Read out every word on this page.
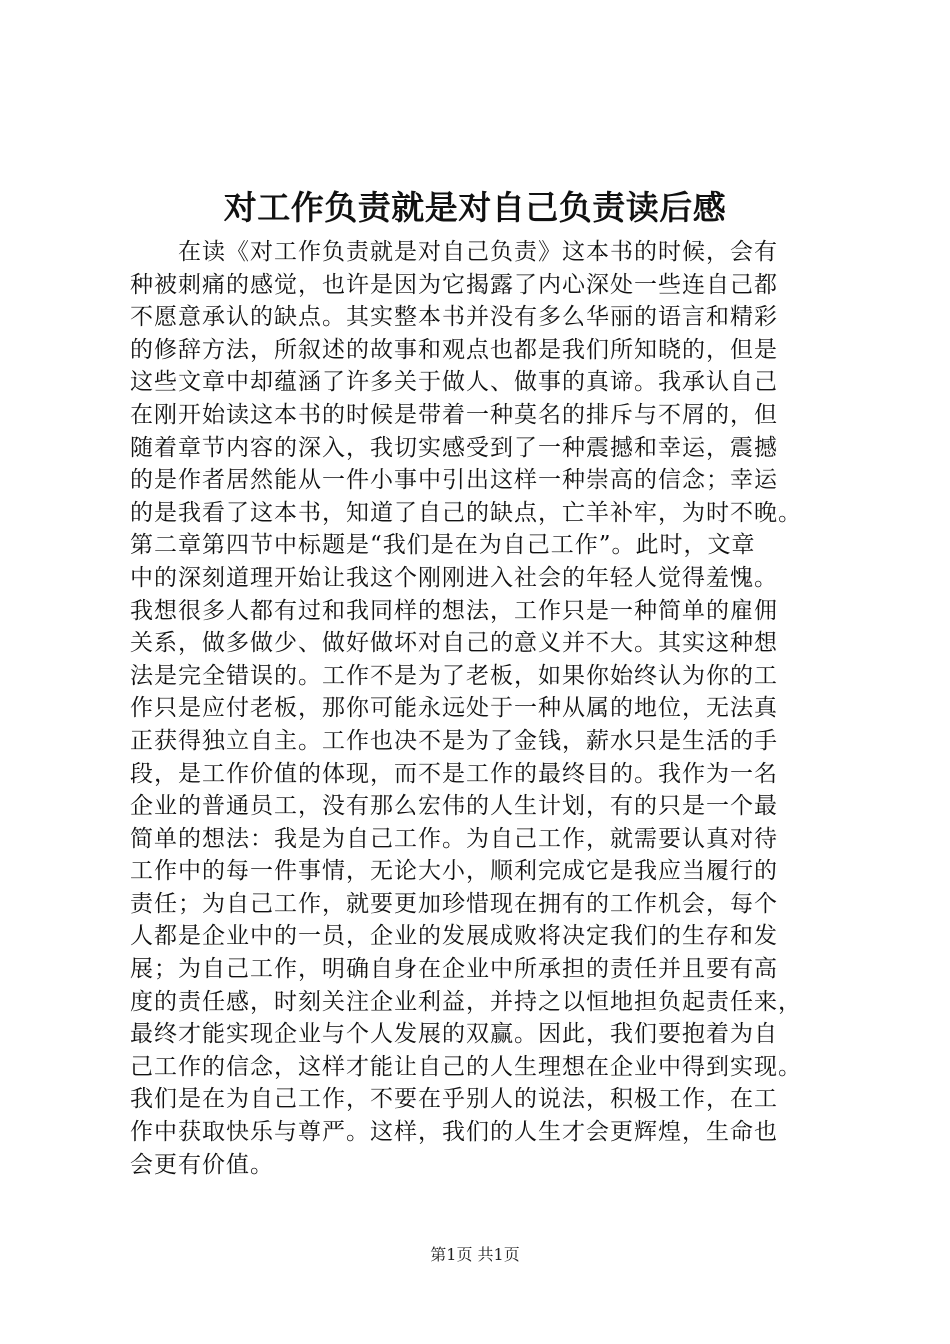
对工作负责就是对自己负责读后感
　　在读《对工作负责就是对自己负责》这本书的时候，会有
种被刺痛的感觉，也许是因为它揭露了内心深处一些连自己都
不愿意承认的缺点。其实整本书并没有多么华丽的语言和精彩
的修辞方法，所叙述的故事和观点也都是我们所知晓的，但是
这些文章中却蕴涵了许多关于做人、做事的真谛。我承认自己
在刚开始读这本书的时候是带着一种莫名的排斥与不屑的，但
随着章节内容的深入，我切实感受到了一种震撼和幸运，震撼
的是作者居然能从一件小事中引出这样一种崇高的信念；幸运
的是我看了这本书，知道了自己的缺点，亡羊补牢，为时不晚。
第二章第四节中标题是“我们是在为自己工作”。此时，文章
中的深刻道理开始让我这个刚刚进入社会的年轻人觉得羞愧。
我想很多人都有过和我同样的想法，工作只是一种简单的雇佣
关系，做多做少、做好做坏对自己的意义并不大。其实这种想
法是完全错误的。工作不是为了老板，如果你始终认为你的工
作只是应付老板，那你可能永远处于一种从属的地位，无法真
正获得独立自主。工作也决不是为了金钱，薪水只是生活的手
段，是工作价值的体现，而不是工作的最终目的。我作为一名
企业的普通员工，没有那么宏伟的人生计划，有的只是一个最
简单的想法：我是为自己工作。为自己工作，就需要认真对待
工作中的每一件事情，无论大小，顺利完成它是我应当履行的
责任；为自己工作，就要更加珍惜现在拥有的工作机会，每个
人都是企业中的一员，企业的发展成败将决定我们的生存和发
展；为自己工作，明确自身在企业中所承担的责任并且要有高
度的责任感，时刻关注企业利益，并持之以恒地担负起责任来，
最终才能实现企业与个人发展的双赢。因此，我们要抱着为自
己工作的信念，这样才能让自己的人生理想在企业中得到实现。
我们是在为自己工作，不要在乎别人的说法，积极工作，在工
作中获取快乐与尊严。这样，我们的人生才会更辉煌，生命也
会更有价值。
第1页 共1页
